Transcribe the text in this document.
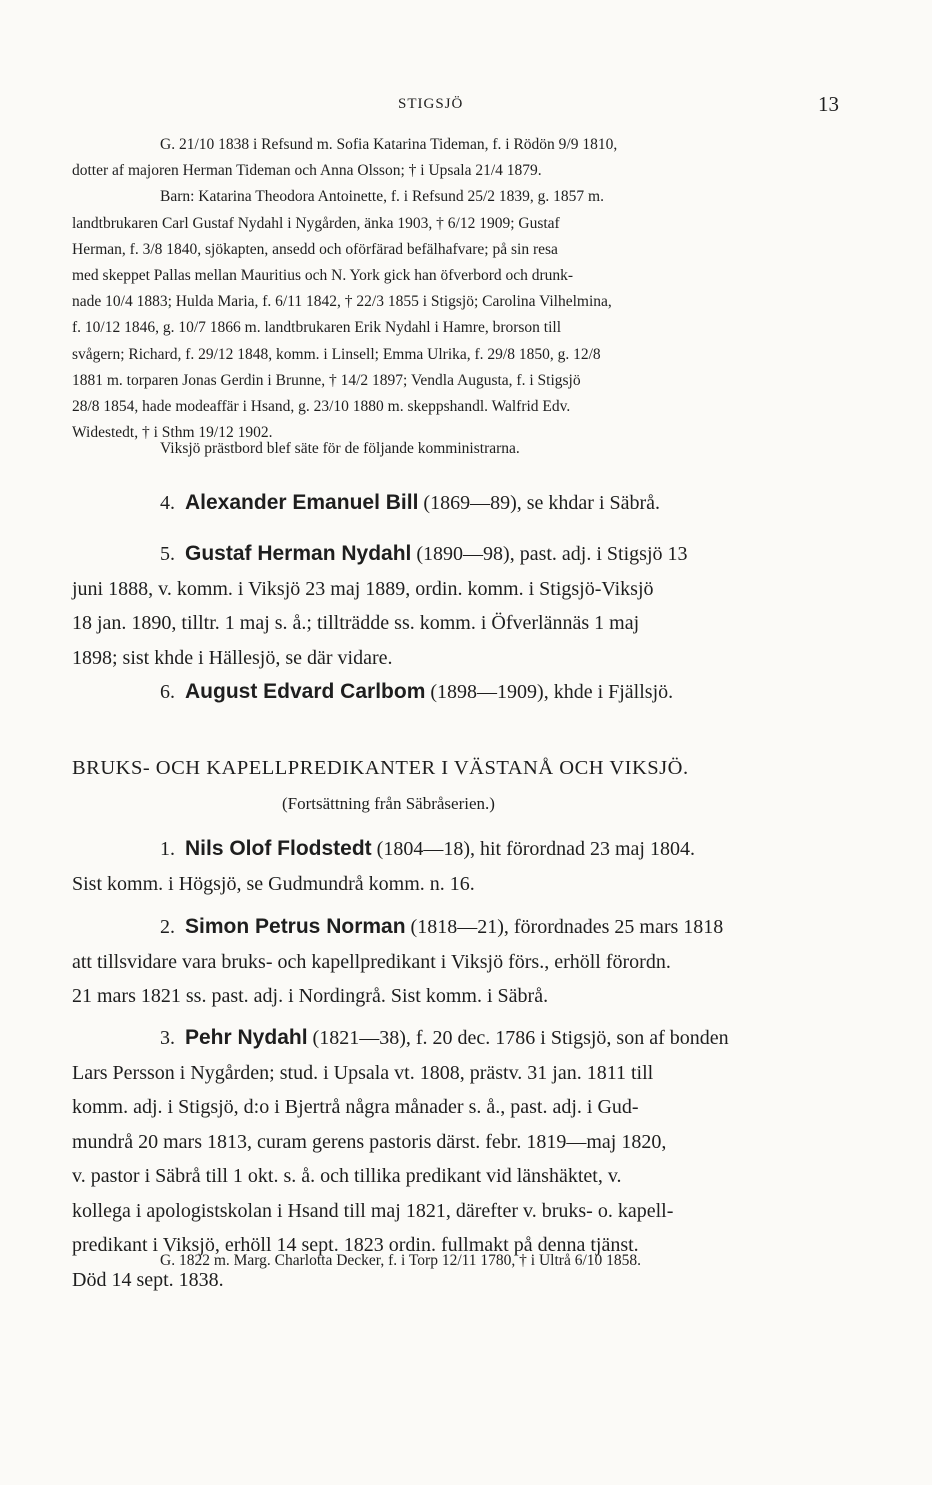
STIGSJÖ	13
G. 21/10 1838 i Refsund m. Sofia Katarina Tideman, f. i Rödön 9/9 1810,
dotter af majoren Herman Tideman och Anna Olsson; † i Upsala 21/4 1879.
Barn: Katarina Theodora Antoinette, f. i Refsund 25/2 1839, g. 1857 m.
landtbrukaren Carl Gustaf Nydahl i Nygården, änka 1903, † 6/12 1909; Gustaf
Herman, f. 3/8 1840, sjökapten, ansedd och oförfärad befälhafvare; på sin resa
med skeppet Pallas mellan Mauritius och N. York gick han öfverbord och drunk-
nade 10/4 1883; Hulda Maria, f. 6/11 1842, † 22/3 1855 i Stigsjö; Carolina Vilhelmina,
f. 10/12 1846, g. 10/7 1866 m. landtbrukaren Erik Nydahl i Hamre, brorson till
svågern; Richard, f. 29/12 1848, komm. i Linsell; Emma Ulrika, f. 29/8 1850, g. 12/8
1881 m. torparen Jonas Gerdin i Brunne, † 14/2 1897; Vendla Augusta, f. i Stigsjö
28/8 1854, hade modeaffär i Hsand, g. 23/10 1880 m. skeppshandl. Walfrid Edv.
Widestedt, † i Sthm 19/12 1902.
Viksjö prästbord blef säte för de följande komministrarna.
4. Alexander Emanuel Bill (1869—89), se khdar i Säbrå.
5. Gustaf Herman Nydahl (1890—98), past. adj. i Stigsjö 13
juni 1888, v. komm. i Viksjö 23 maj 1889, ordin. komm. i Stigsjö-Viksjö
18 jan. 1890, tilltr. 1 maj s. å.; tillträdde ss. komm. i Öfverlännäs 1 maj
1898; sist khde i Hällesjö, se där vidare.
6. August Edvard Carlbom (1898—1909), khde i Fjällsjö.
BRUKS- OCH KAPELLPREDIKANTER I VÄSTANÅ OCH VIKSJÖ.
(Fortsättning från Säbråserien.)
1. Nils Olof Flodstedt (1804—18), hit förordnad 23 maj 1804.
Sist komm. i Högsjö, se Gudmundrå komm. n. 16.
2. Simon Petrus Norman (1818—21), förordnades 25 mars 1818
att tillsvidare vara bruks- och kapellpredikant i Viksjö förs., erhöll förordn.
21 mars 1821 ss. past. adj. i Nordingrå. Sist komm. i Säbrå.
3. Pehr Nydahl (1821—38), f. 20 dec. 1786 i Stigsjö, son af bonden
Lars Persson i Nygården; stud. i Upsala vt. 1808, prästv. 31 jan. 1811 till
komm. adj. i Stigsjö, d:o i Bjertrå några månader s. å., past. adj. i Gud-
mundrå 20 mars 1813, curam gerens pastoris därst. febr. 1819—maj 1820,
v. pastor i Säbrå till 1 okt. s. å. och tillika predikant vid länshäktet, v.
kollega i apologistskolan i Hsand till maj 1821, därefter v. bruks- o. kapell-
predikant i Viksjö, erhöll 14 sept. 1823 ordin. fullmakt på denna tjänst.
Död 14 sept. 1838.
G. 1822 m. Marg. Charlotta Decker, f. i Torp 12/11 1780, † i Ultrå 6/10 1858.
